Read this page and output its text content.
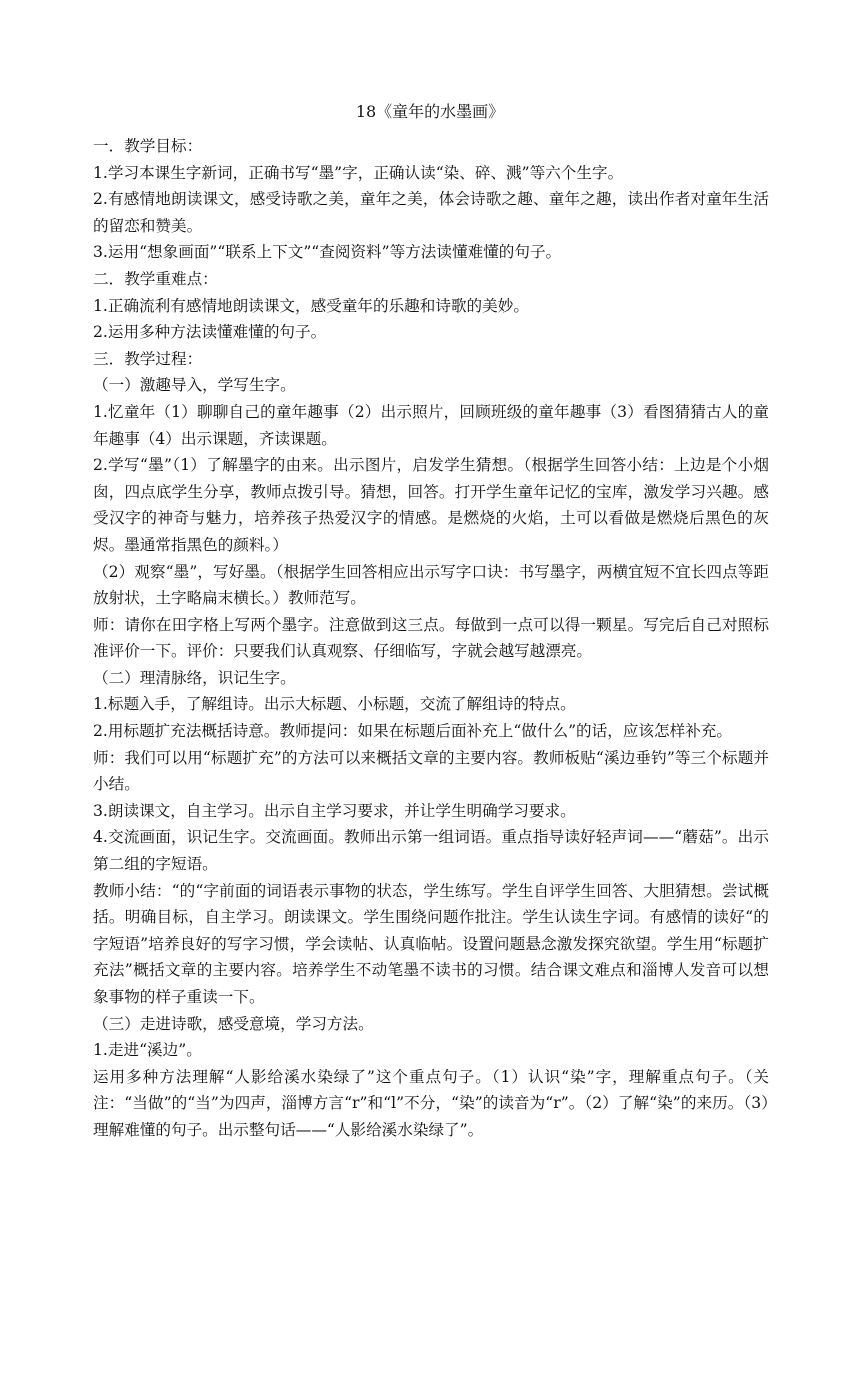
18《童年的水墨画》

一．教学目标：

1.学习本课生字新词，正确书写“墨”字，正确认读“染、碎、溅”等六个生字。

2.有感情地朗读课文，感受诗歌之美，童年之美，体会诗歌之趣、童年之趣，读出作者对童年生活的留恋和赞美。

3.运用“想象画面”“联系上下文”“查阅资料”等方法读懂难懂的句子。

二．教学重难点：

1.正确流利有感情地朗读课文，感受童年的乐趣和诗歌的美妙。

2.运用多种方法读懂难懂的句子。

三．教学过程：

（一）激趣导入，学写生字。

1.忆童年（1）聊聊自己的童年趣事（2）出示照片，回顾班级的童年趣事（3）看图猜猜古人的童年趣事（4）出示课题，齐读课题。

2.学写“墨”（1）了解墨字的由来。出示图片，启发学生猜想。（根据学生回答小结：上边是个小烟囱，四点底学生分享，教师点拨引导。猜想，回答。打开学生童年记忆的宝库，激发学习兴趣。感受汉字的神奇与魅力，培养孩子热爱汉字的情感。是燃烧的火焰，土可以看做是燃烧后黑色的灰烬。墨通常指黑色的颜料。）

（2）观察“墨”，写好墨。（根据学生回答相应出示写字口诀：书写墨字，两横宜短不宜长四点等距放射状，土字略扁末横长。）教师范写。

师：请你在田字格上写两个墨字。注意做到这三点。每做到一点可以得一颗星。写完后自己对照标准评价一下。评价：只要我们认真观察、仔细临写，字就会越写越漂亮。

（二）理清脉络，识记生字。

1.标题入手，了解组诗。出示大标题、小标题，交流了解组诗的特点。

2.用标题扩充法概括诗意。教师提问：如果在标题后面补充上“做什么”的话，应该怎样补充。

师：我们可以用“标题扩充”的方法可以来概括文章的主要内容。教师板贴“溪边垂钓”等三个标题并小结。

3.朗读课文，自主学习。出示自主学习要求，并让学生明确学习要求。

4.交流画面，识记生字。交流画面。教师出示第一组词语。重点指导读好轻声词——“蘑菇”。出示第二组的字短语。

教师小结：“的“字前面的词语表示事物的状态，学生练写。学生自评学生回答、大胆猜想。尝试概括。明确目标，自主学习。朗读课文。学生围绕问题作批注。学生认读生字词。有感情的读好“的字短语”培养良好的写字习惯，学会读帖、认真临帖。设置问题悬念激发探究欲望。学生用“标题扩充法”概括文章的主要内容。培养学生不动笔墨不读书的习惯。结合课文难点和淄博人发音可以想象事物的样子重读一下。

（三）走进诗歌，感受意境，学习方法。

1.走进“溪边”。

运用多种方法理解“人影给溪水染绿了”这个重点句子。（1）认识“染”字，理解重点句子。（关注：“当做”的“当”为四声，淄博方言“r”和“l”不分，“染”的读音为“r”。（2）了解“染”的来历。（3）理解难懂的句子。出示整句话——“人影给溪水染绿了”。
